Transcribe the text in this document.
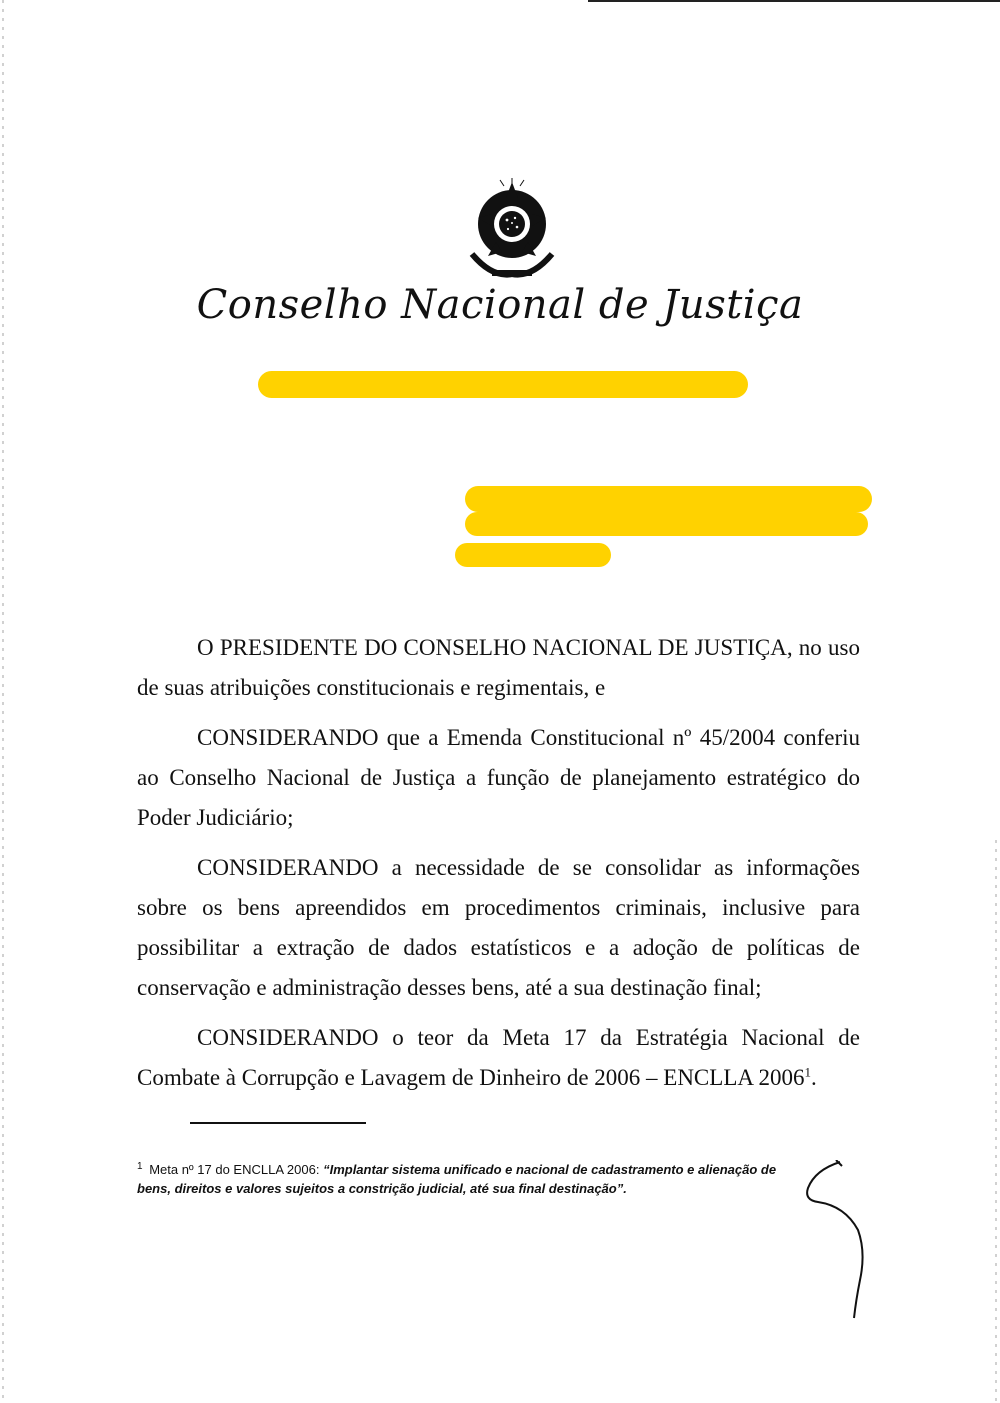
Conselho Nacional de Justiça

O PRESIDENTE DO CONSELHO NACIONAL DE JUSTIÇA, no uso de suas atribuições constitucionais e regimentais, e

CONSIDERANDO que a Emenda Constitucional nº 45/2004 conferiu ao Conselho Nacional de Justiça a função de planejamento estratégico do Poder Judiciário;

CONSIDERANDO a necessidade de se consolidar as informações sobre os bens apreendidos em procedimentos criminais, inclusive para possibilitar a extração de dados estatísticos e a adoção de políticas de conservação e administração desses bens, até a sua destinação final;

CONSIDERANDO o teor da Meta 17 da Estratégia Nacional de Combate à Corrupção e Lavagem de Dinheiro de 2006 – ENCLLA 2006$^1$.

$^1$ Meta nº 17 do ENCLLA 2006: “Implantar sistema unificado e nacional de cadastramento e alienação de bens, direitos e valores sujeitos a constrição judicial, até sua final destinação”.
